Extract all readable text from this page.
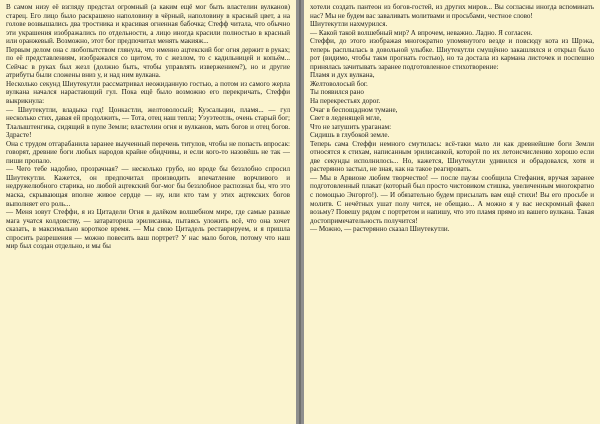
В самом низу её взгляду предстал огромный (а каким ещё мог быть властелин вулканов) старец. Его лицо было раскрашено наполовину в чёрный, наполовину в красный цвет, а на голове возвышались два тростника и красивая огненная бабочка; Стефф читала, что обычно эти украшения изображались по отдельности, а лицо иногда красили полностью в красный или оранжевый. Возможно, этот бог предпочитал менять макияж...

Первым делом она с любопытством глянула, что именно ацтекский бог огня держит в руках; по её представлениям, изображался со щитом, то с жезлом, то с кадильницей и копьём... Сейчас в руках был жезл (должно быть, чтобы управлять извержением?), но и другие атрибуты были сложены вниз у, и над ним вулкана.

Несколько секунд Шиутекутли рассматривал неожиданную гостью, а потом из самого жерла вулкана начался нарастающий гул. Пока ещё было возможно его перекричать, Стеффи выкрикнула:

— Шиутекутли, владыка год! Цонкастли, желтоволосый; Куэсальцин, пламя... — гул несколько стих, давая ей продолжить, — Тота, отец наш тепла; Уэуэтеотль, очень старый бог; Тлалыштенгика, сидящий в пупе Земли; властелин огня и вулканов, мать богов и отец богов. Здрасте!

Она с трудом отгарабанила заранее выученный перечень титулов, чтобы не попасть впросак: говорят, древние боги любых народов крайне обидчивы, и если кого-то назовёшь не так — пиши пропало.

— Чего тебе надобно, прозрачная? — несколько грубо, но вроде бы беззлобно спросил Шиутекутли. Кажется, он предпочитал производить впечатление ворчливого и недружелюбного старика, но любой ацтекский бог-мог бы беззлобное распознал бы, что это маска, скрывающая вполне живое сердце — ну, или кто там у этих ацтекских богов выполняет его роль...

— Меня зовут Стеффи, я из Цитадели Огня в далёком волшебном мире, где самые разные мага учатся колдовству, — затараторила эрилисанка, пытаясь уложить всё, что она хочет сказать, в максимально короткое время. — Мы свою Цитадель реставрируем, и я пришла спросить разрешения — можно повесить ваш портрет? У нас мало богов, потому что наш мир был создан отдельно, и мы бы

хотели создать пантеон из богов-гостей, из других миров... Вы согласны иногда вспоминать нас? Мы не будем вас заваливать молитвами и просьбами, честное слово!

Шиутекутли нахмурился.

— Какой такой волшебный мир? А впрочем, неважно. Ладно. Я согласен.

Стеффи, до этого изображая многократно упомянутого везде и повсюду кота из Шрэка, теперь расплылась в довольной улыбке. Шиутекутли смущённо закашлялся и открыл было рот (видимо, чтобы такм прогнать гостью), но та достала из кармана листочек и поспешно принялась зачитывать заранее подготовленное стихотворение:

Пламя и дух вулкана,

Желтоволосый бог.

Ты появился рано

На перекрестьях дорог.

Очаг в беспощадном тумане,

Свет в леденящей мгле,

Что не затушить ураганам:

Сидишь в глубокой земле.

Теперь сама Стеффи немного смутилась: всё-таки мало ли как древнейшие боги Земли относятся к стихам, написанным эрилисанкой, которой по их летоисчислению хорошо если две секунды исполнилось... Но, кажется, Шиутекутли удивился и обрадовался, хотя и растерянно застыл, не зная, как на такое реагировать.

— Мы в Арвионе любим творчество! — после паузы сообщила Стефания, вручая заранее подготовленный плакат (который был просто чистовиком стишка, увеличенным многократно с помощью Энгорго!). — И обязательно будем присылать вам ещё стихи! Вы его просьбе и молитв. С нечётных ушат полу чится, не обещаю... А можно я у вас нескромный факел возьму? Повешу рядом с портретом и напишу, что это пламя прямо из вашего вулкана. Такая достопримечательность получится!

— Можно, — растерянно сказал Шиутекутли.
